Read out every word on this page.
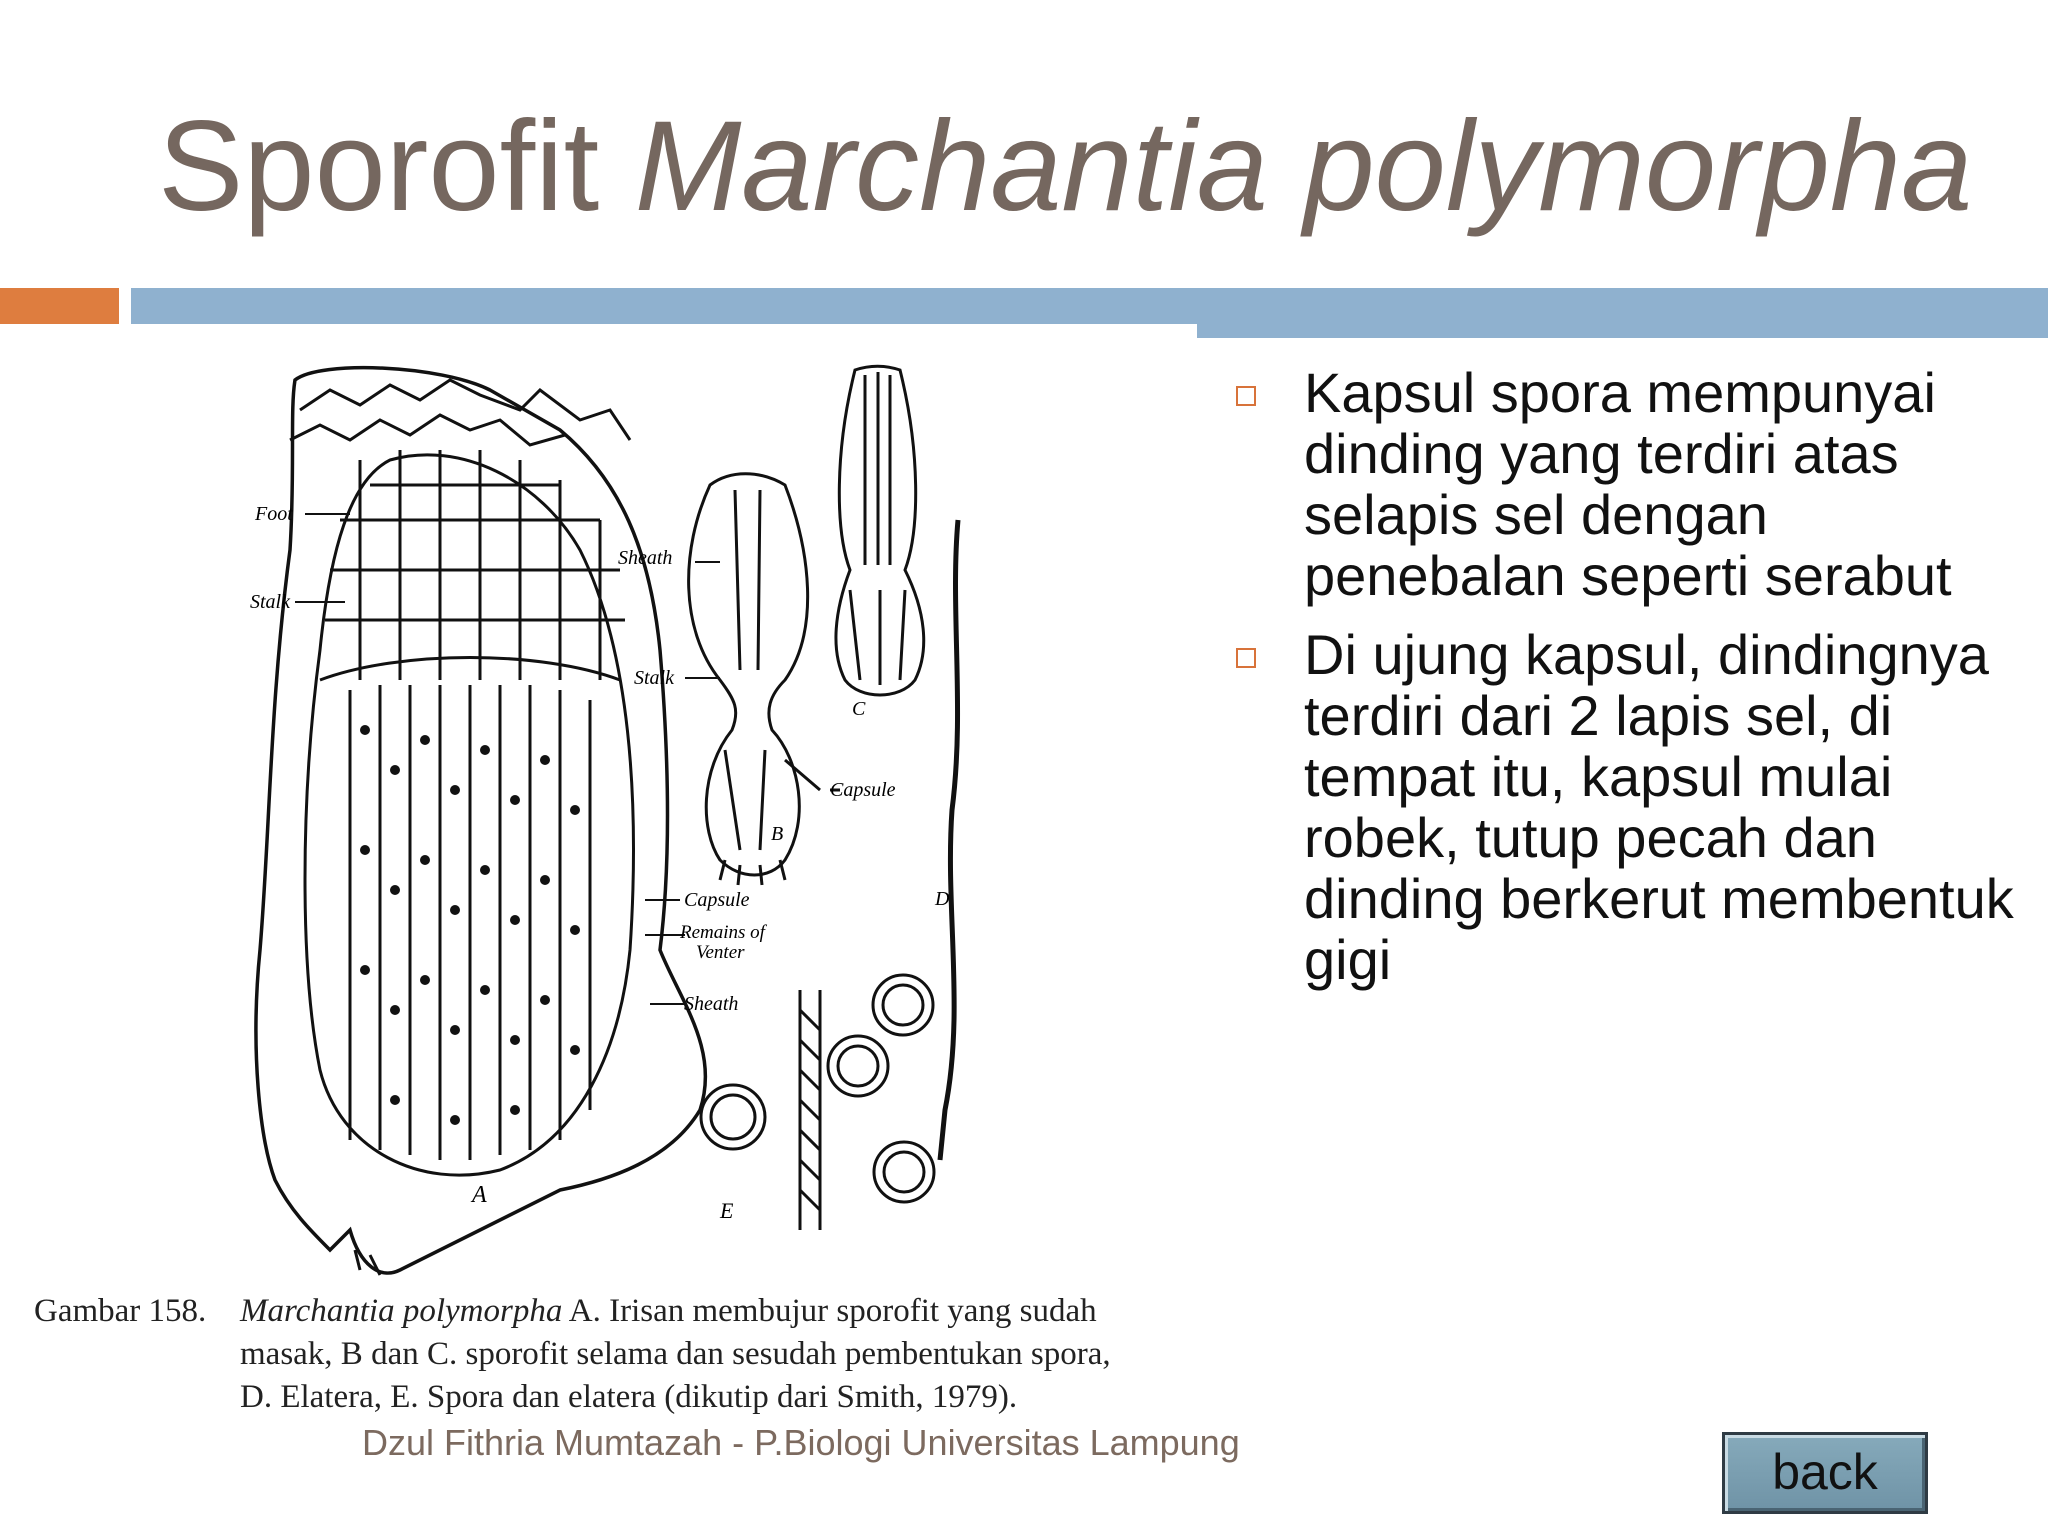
Sporofit Marchantia polymorpha
Foot
Stalk
Sheath
Stalk
Capsule
Capsule
Remains of
Venter
Sheath
A
B
C
D
E
Gambar 158. Marchantia polymorpha A. Irisan membujur sporofit yang sudah
masak, B dan C. sporofit selama dan sesudah pembentukan spora,
D. Elatera, E. Spora dan elatera (dikutip dari Smith, 1979).
Kapsul spora mempunyai dinding yang terdiri atas selapis sel dengan penebalan seperti serabut
Di ujung kapsul, dindingnya terdiri dari 2 lapis sel, di tempat itu, kapsul mulai robek, tutup pecah dan dinding berkerut membentuk gigi
Dzul Fithria Mumtazah - P.Biologi Universitas Lampung
back
